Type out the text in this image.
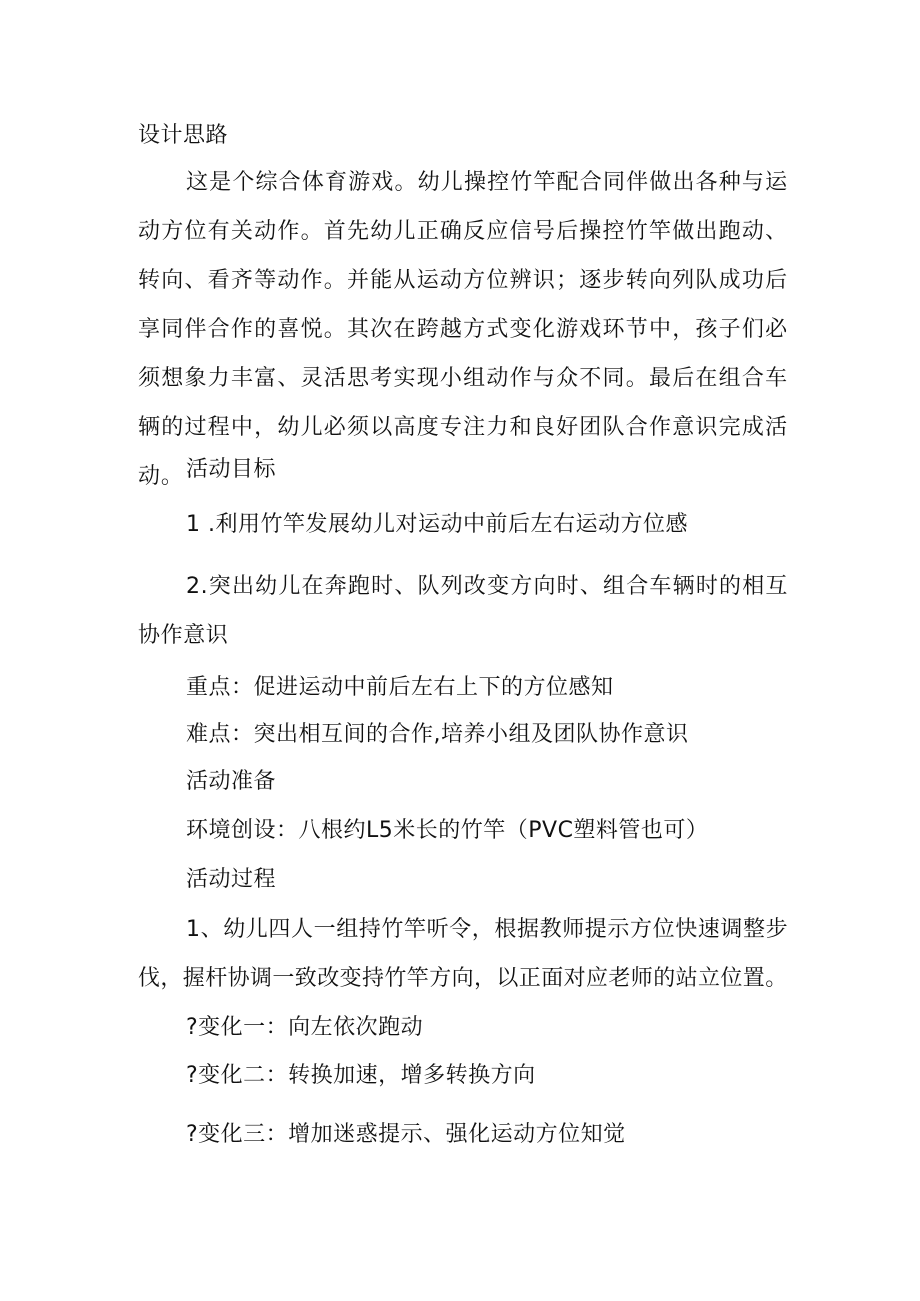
设计思路
这是个综合体育游戏。幼儿操控竹竿配合同伴做出各种与运动方位有关动作。首先幼儿正确反应信号后操控竹竿做出跑动、转向、看齐等动作。并能从运动方位辨识；逐步转向列队成功后享同伴合作的喜悦。其次在跨越方式变化游戏环节中，孩子们必须想象力丰富、灵活思考实现小组动作与众不同。最后在组合车辆的过程中，幼儿必须以高度专注力和良好团队合作意识完成活动。 活动目标
1 .利用竹竿发展幼儿对运动中前后左右运动方位感
2.突出幼儿在奔跑时、队列改变方向时、组合车辆时的相互协作意识
重点：促进运动中前后左右上下的方位感知
难点：突出相互间的合作,培养小组及团队协作意识
活动准备
环境创设：八根约L5米长的竹竿（PVC塑料管也可）
活动过程
1、幼儿四人一组持竹竿听令，根据教师提示方位快速调整步伐，握杆协调一致改变持竹竿方向，以正面对应老师的站立位置。
?变化一：向左依次跑动
?变化二：转换加速，增多转换方向
?变化三：增加迷惑提示、强化运动方位知觉
